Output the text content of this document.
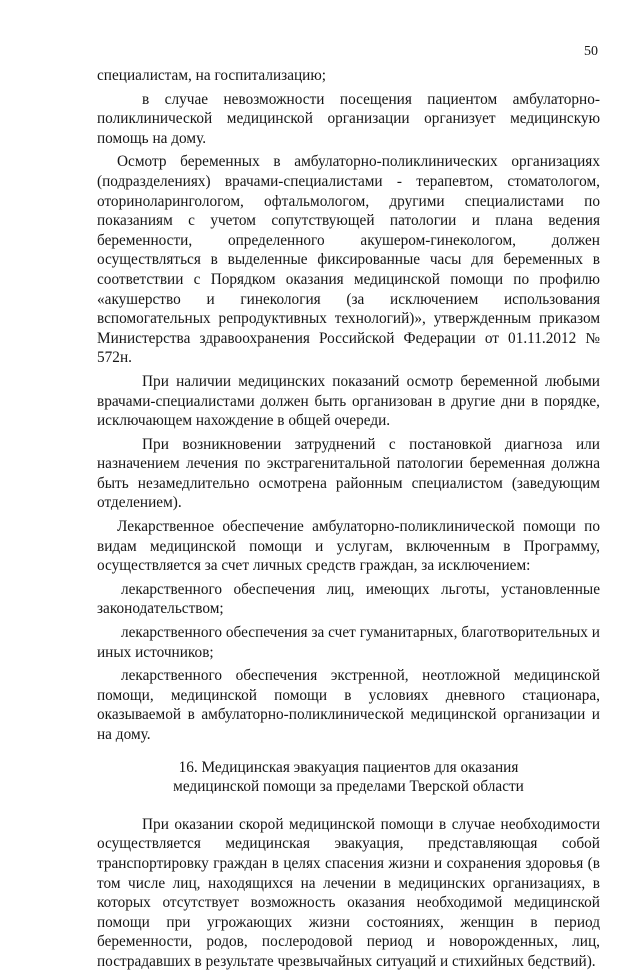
50

специалистам, на госпитализацию;

в случае невозможности посещения пациентом амбулаторно-поликлинической медицинской организации организует медицинскую помощь на дому.

Осмотр беременных в амбулаторно-поликлинических организациях (подразделениях) врачами-специалистами - терапевтом, стоматологом, оториноларингологом, офтальмологом, другими специалистами по показаниям с учетом сопутствующей патологии и плана ведения беременности, определенного акушером-гинекологом, должен осуществляться в выделенные фиксированные часы для беременных в соответствии с Порядком оказания медицинской помощи по профилю «акушерство и гинекология (за исключением использования вспомогательных репродуктивных технологий)», утвержденным приказом Министерства здравоохранения Российской Федерации от 01.11.2012 № 572н.

При наличии медицинских показаний осмотр беременной любыми врачами-специалистами должен быть организован в другие дни в порядке, исключающем нахождение в общей очереди.

При возникновении затруднений с постановкой диагноза или назначением лечения по экстрагенитальной патологии беременная должна быть незамедлительно осмотрена районным специалистом (заведующим отделением).

Лекарственное обеспечение амбулаторно-поликлинической помощи по видам медицинской помощи и услугам, включенным в Программу, осуществляется за счет личных средств граждан, за исключением:

лекарственного обеспечения лиц, имеющих льготы, установленные законодательством;

лекарственного обеспечения за счет гуманитарных, благотворительных и иных источников;

лекарственного обеспечения экстренной, неотложной медицинской помощи, медицинской помощи в условиях дневного стационара, оказываемой в амбулаторно-поликлинической медицинской организации и на дому.

16. Медицинская эвакуация пациентов для оказания
медицинской помощи за пределами Тверской области

При оказании скорой медицинской помощи в случае необходимости осуществляется медицинская эвакуация, представляющая собой транспортировку граждан в целях спасения жизни и сохранения здоровья (в том числе лиц, находящихся на лечении в медицинских организациях, в которых отсутствует возможность оказания необходимой медицинской помощи при угрожающих жизни состояниях, женщин в период беременности, родов, послеродовой период и новорожденных, лиц, пострадавших в результате чрезвычайных ситуаций и стихийных бедствий).
